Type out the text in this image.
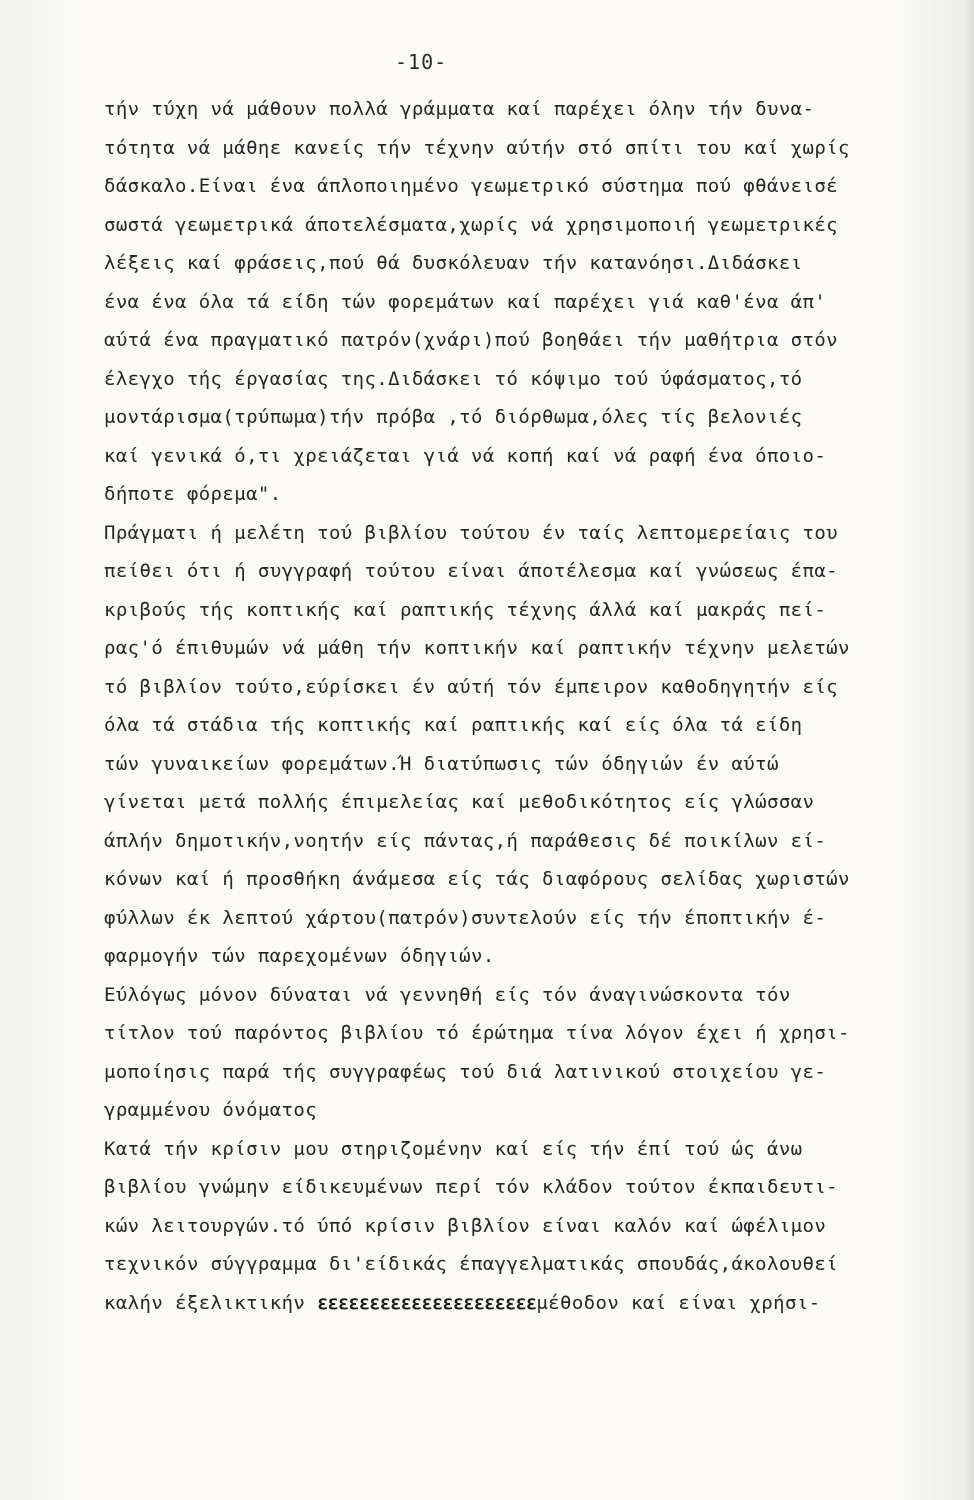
-10-
τήν τύχη νά μάθουν πολλά γράμματα καί παρέχει όλην τήν δυνα-
τότητα νά μάθηε κανείς τήν τέχνην αύτήν στό σπίτι του καί χωρίς
δάσκαλο.Είναι ένα άπλοποιημένο γεωμετρικό σύστημα πού φθάνεισέ
σωστά γεωμετρικά άποτελέσματα,χωρίς νά χρησιμοποιή γεωμετρικές
λέξεις καί φράσεις,πού θά δυσκόλευαν τήν κατανόησι.Διδάσκει
ένα ένα όλα τά είδη τών φορεμάτων καί παρέχει γιά καθ'ένα άπ'
αύτά ένα πραγματικό πατρόν(χνάρι)πού βοηθάει τήν μαθήτρια στόν
έλεγχο τής έργασίας της.Διδάσκει τό κόψιμο τού ύφάσματος,τό
μοντάρισμα(τρύπωμα)τήν πρόβα ,τό διόρθωμα,όλες τίς βελονιές
καί γενικά ό,τι χρειάζεται γιά νά κοπή καί νά ραφή ένα όποιο-
δήποτε φόρεμα".
Πράγματι ή μελέτη τού βιβλίου τούτου έν ταίς λεπτομερείαις του
πείθει ότι ή συγγραφή τούτου είναι άποτέλεσμα καί γνώσεως έπα-
κριβούς τής κοπτικής καί ραπτικής τέχνης άλλά καί μακράς πεί-
ρας'ό έπιθυμών νά μάθη τήν κοπτικήν καί ραπτικήν τέχνην μελετών
τό βιβλίον τούτο,εύρίσκει έν αύτή τόν έμπειρον καθοδηγητήν είς
όλα τά στάδια τής κοπτικής καί ραπτικής καί είς όλα τά είδη
τών γυναικείων φορεμάτων.Ή διατύπωσις τών όδηγιών έν αύτώ
γίνεται μετά πολλής έπιμελείας καί μεθοδικότητος είς γλώσσαν
άπλήν δημοτικήν,νοητήν είς πάντας,ή παράθεσις δέ ποικίλων εί-
κόνων καί ή προσθήκη άνάμεσα είς τάς διαφόρους σελίδας χωριστών
φύλλων έκ λεπτού χάρτου(πατρόν)συντελούν είς τήν έποπτικήν έ-
φαρμογήν τών παρεχομένων όδηγιών.
Εύλόγως μόνον δύναται νά γεννηθή είς τόν άναγινώσκοντα τόν
τίτλον τού παρόντος βιβλίου τό έρώτημα τίνα λόγον έχει ή χρησι-
μοποίησις παρά τής συγγραφέως τού διά λατινικού στοιχείου γε-
γραμμένου όνόματος
Κατά τήν κρίσιν μου στηριζομένην καί είς τήν έπί τού ώς άνω
βιβλίου γνώμην είδικευμένων περί τόν κλάδον τούτον έκπαιδευτι-
κών λειτουργών.τό ύπό κρίσιν βιβλίον είναι καλόν καί ώφέλιμον
τεχνικόν σύγγραμμα δι'είδικάς έπαγγελματικάς σπουδάς,άκολουθεί
καλήν έξελικτικήν εεεεεεεεεεεεεεεεεεεεεμέθοδον καί είναι χρήσι-
